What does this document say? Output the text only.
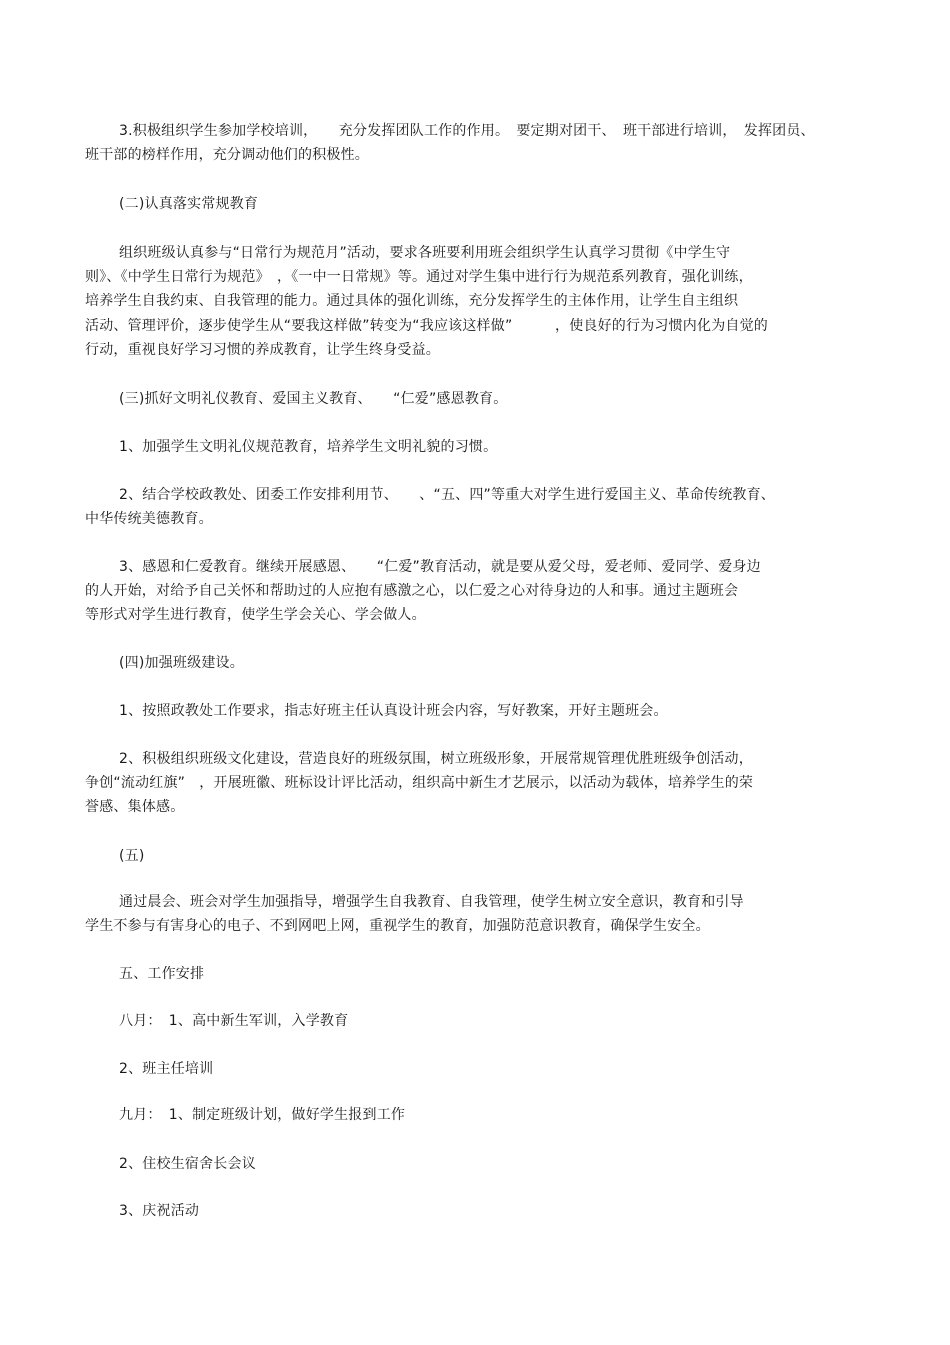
3.积极组织学生参加学校培训，　　充分发挥团队工作的作用。　要定期对团干、　班干部进行培训，　发挥团员、
班干部的榜样作用，充分调动他们的积极性。
(二)认真落实常规教育
组织班级认真参与“日常行为规范月”活动，要求各班要利用班会组织学生认真学习贯彻《中学生守
则》、《中学生日常行为规范》　，《一中一日常规》等。通过对学生集中进行行为规范系列教育，强化训练，
培养学生自我约束、自我管理的能力。通过具体的强化训练，充分发挥学生的主体作用，让学生自主组织
活动、管理评价，逐步使学生从“要我这样做”转变为“我应该这样做”　　　，使良好的行为习惯内化为自觉的
行动，重视良好学习习惯的养成教育，让学生终身受益。
(三)抓好文明礼仪教育、爱国主义教育、　　“仁爱”感恩教育。
1、加强学生文明礼仪规范教育，培养学生文明礼貌的习惯。
2、结合学校政教处、团委工作安排利用节、　　、“五、四”等重大对学生进行爱国主义、革命传统教育、
中华传统美德教育。
3、感恩和仁爱教育。继续开展感恩、　　“仁爱”教育活动，就是要从爱父母，爱老师、爱同学、爱身边
的人开始，对给予自己关怀和帮助过的人应抱有感激之心，以仁爱之心对待身边的人和事。通过主题班会
等形式对学生进行教育，使学生学会关心、学会做人。
(四)加强班级建设。
1、按照政教处工作要求，指志好班主任认真设计班会内容，写好教案，开好主题班会。
2、积极组织班级文化建设，营造良好的班级氛围，树立班级形象，开展常规管理优胜班级争创活动，
争创“流动红旗”　，开展班徽、班标设计评比活动，组织高中新生才艺展示，以活动为载体，培养学生的荣
誉感、集体感。
(五)
通过晨会、班会对学生加强指导，增强学生自我教育、自我管理，使学生树立安全意识，教育和引导
学生不参与有害身心的电子、不到网吧上网，重视学生的教育，加强防范意识教育，确保学生安全。
五、工作安排
八月：　1、高中新生军训，入学教育
2、班主任培训
九月：　1、制定班级计划，做好学生报到工作
2、住校生宿舍长会议
3、庆祝活动
